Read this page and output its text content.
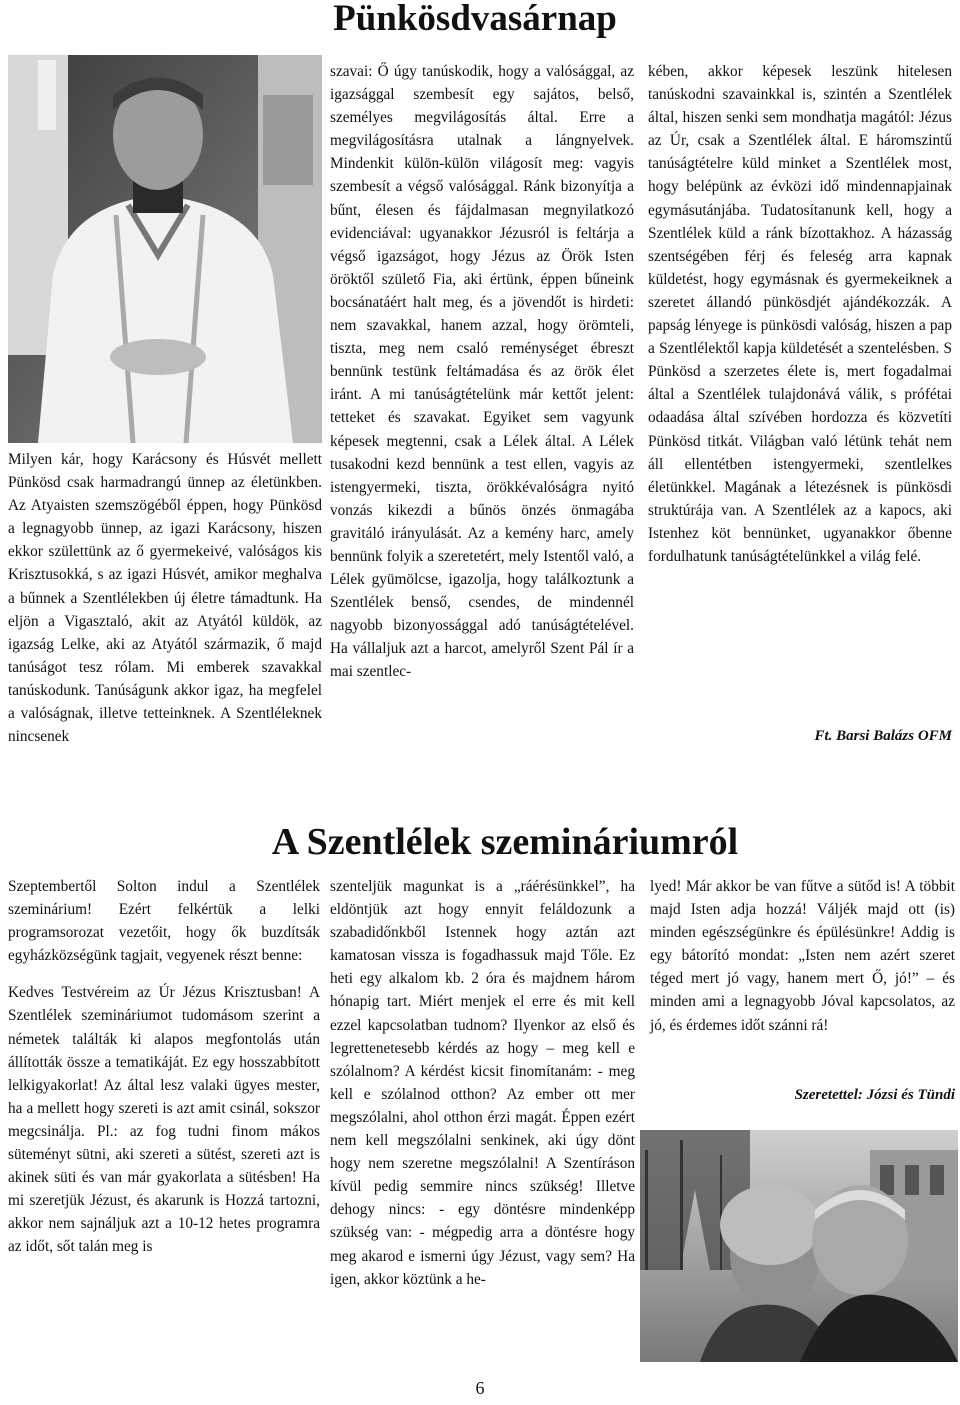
Pünkösdvasárnap

Milyen kár, hogy Karácsony és Húsvét mellett Pünkösd csak harmadrangú ünnep az életünkben. Az Atyaisten szemszögéből éppen, hogy Pünkösd a legnagyobb ünnep, az igazi Karácsony, hiszen ekkor születtünk az ő gyermekeivé, valóságos kis Krisztusokká, s az igazi Húsvét, amikor meghalva a bűnnek a Szentlélekben új életre támadtunk. Ha eljön a Vigasztaló, akit az Atyától küldök, az igazság Lelke, aki az Atyától származik, ő majd tanúságot tesz rólam. Mi emberek szavakkal tanúskodunk. Tanúságunk akkor igaz, ha megfelel a valóságnak, illetve tetteinknek. A Szentléleknek nincsenek

szavai: Ő úgy tanúskodik, hogy a valósággal, az igazsággal szembesít egy sajátos, belső, személyes megvilágosítás által. Erre a megvilágosításra utalnak a lángnyelvek. Mindenkit külön-külön világosít meg: vagyis szembesít a végső valósággal. Ránk bizonyítja a bűnt, élesen és fájdalmasan megnyilatkozó evidenciával: ugyanakkor Jézusról is feltárja a végső igazságot, hogy Jézus az Örök Isten öröktől születő Fia, aki értünk, éppen bűneink bocsánatáért halt meg, és a jövendőt is hirdeti: nem szavakkal, hanem azzal, hogy örömteli, tiszta, meg nem csaló reménységet ébreszt bennünk testünk feltámadása és az örök élet iránt. A mi tanúságtételünk már kettőt jelent: tetteket és szavakat. Egyiket sem vagyunk képesek megtenni, csak a Lélek által. A Lélek tusakodni kezd bennünk a test ellen, vagyis az istengyermeki, tiszta, örökkévalóságra nyitó vonzás kikezdi a bűnös önzés önmagába gravitáló irányulását. Az a kemény harc, amely bennünk folyik a szeretetért, mely Istentől való, a Lélek gyümölcse, igazolja, hogy találkoztunk a Szentlélek benső, csendes, de mindennél nagyobb bizonyossággal adó tanúságtételével. Ha vállaljuk azt a harcot, amelyről Szent Pál ír a mai szentlec-

kében, akkor képesek leszünk hitelesen tanúskodni szavainkkal is, szintén a Szentlélek által, hiszen senki sem mondhatja magától: Jézus az Úr, csak a Szentlélek által. E háromszintű tanúságtételre küld minket a Szentlélek most, hogy belépünk az évközi idő mindennapjainak egymásutánjába. Tudatosítanunk kell, hogy a Szentlélek küld a ránk bízottakhoz. A házasság szentségében férj és feleség arra kapnak küldetést, hogy egymásnak és gyermekeiknek a szeretet állandó pünkösdjét ajándékozzák. A papság lényege is pünkösdi valóság, hiszen a pap a Szentlélektől kapja küldetését a szentelésben. S Pünkösd a szerzetes élete is, mert fogadalmai által a Szentlélek tulajdonává válik, s prófétai odaadása által szívében hordozza és közvetíti Pünkösd titkát. Világban való létünk tehát nem áll ellentétben istengyermeki, szentlelkes életünkkel. Magának a létezésnek is pünkösdi struktúrája van. A Szentlélek az a kapocs, aki Istenhez köt bennünket, ugyanakkor őbenne fordulhatunk tanúságtételünkkel a világ felé.

Ft. Barsi Balázs OFM
A Szentlélek szemináriumról

Szeptembertől Solton indul a Szentlélek szeminárium! Ezért felkértük a lelki programsorozat vezetőit, hogy ők buzdítsák egyházközségünk tagjait, vegyenek részt benne:

Kedves Testvéreim az Úr Jézus Krisztusban! A Szentlélek szemináriumot tudomásom szerint a németek találták ki alapos megfontolás után állították össze a tematikáját. Ez egy hosszabbított lelkigyakorlat! Az által lesz valaki ügyes mester, ha a mellett hogy szereti is azt amit csinál, sokszor megcsinálja. Pl.: az fog tudni finom mákos süteményt sütni, aki szereti a sütést, szereti azt is akinek süti és van már gyakorlata a sütésben! Ha mi szeretjük Jézust, és akarunk is Hozzá tartozni, akkor nem sajnáljuk azt a 10-12 hetes programra az időt, sőt talán meg is

szenteljük magunkat is a „ráérésünkkel”, ha eldöntjük azt hogy ennyit feláldozunk a szabadidőnkből Istennek hogy aztán azt kamatosan vissza is fogadhassuk majd Tőle. Ez heti egy alkalom kb. 2 óra és majdnem három hónapig tart. Miért menjek el erre és mit kell ezzel kapcsolatban tudnom? Ilyenkor az első és legrettenetesebb kérdés az hogy – meg kell e szólalnom? A kérdést kicsit finomítanám: - meg kell e szólalnod otthon? Az ember ott mer megszólalni, ahol otthon érzi magát. Éppen ezért nem kell megszólalni senkinek, aki úgy dönt hogy nem szeretne megszólalni! A Szentíráson kívül pedig semmire nincs szükség! Illetve dehogy nincs: - egy döntésre mindenképp szükség van: - mégpedig arra a döntésre hogy meg akarod e ismerni úgy Jézust, vagy sem? Ha igen, akkor köztünk a he-

lyed! Már akkor be van fűtve a sütőd is! A többit majd Isten adja hozzá! Váljék majd ott (is) minden egészségünkre és épülésünkre! Addig is egy bátorító mondat: „Isten nem azért szeret téged mert jó vagy, hanem mert Ő, jó!” – és minden ami a legnagyobb Jóval kapcsolatos, az jó, és érdemes időt szánni rá!

Szeretettel: Józsi és Tündi
6
